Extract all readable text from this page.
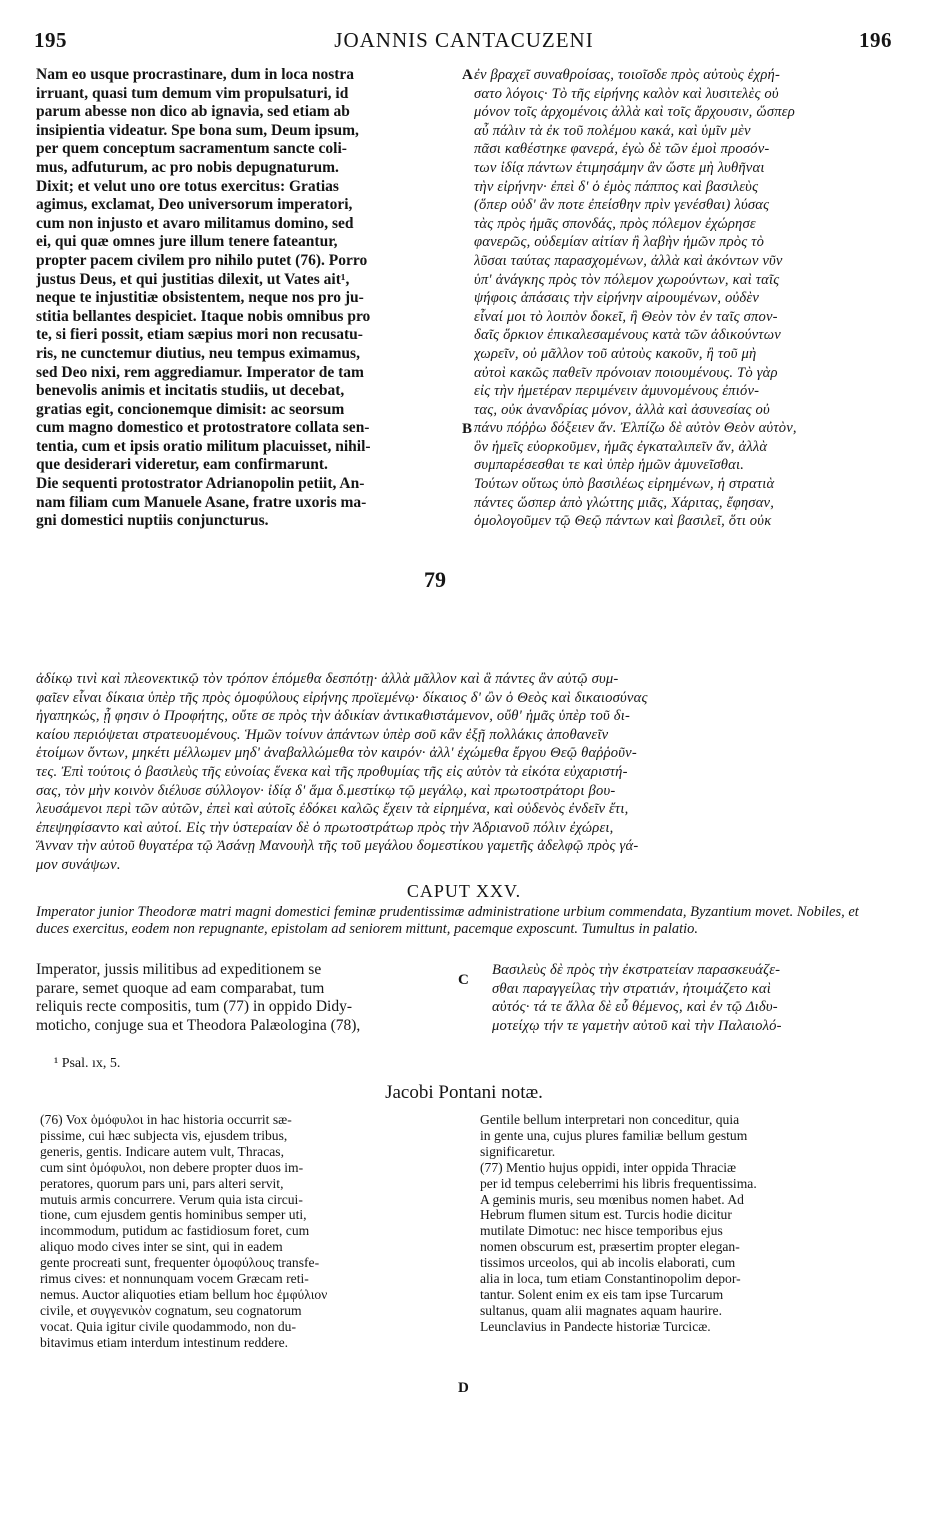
195	JOANNIS CANTACUZENI	196
Nam eo usque procrastinare, dum in loca nostra
irruant, quasi tum demum vim propulsaturi, id
parum abesse non dico ab ignavia, sed etiam ab
insipientia videatur. Spe bona sum, Deum ipsum,
per quem conceptum sacramentum sancte coli-
mus, adfuturum, ac pro nobis depugnaturum.
Dixit; et velut uno ore totus exercitus: Gratias
agimus, exclamat, Deo universorum imperatori,
cum non injusto et avaro militamus domino, sed
ei, qui quæ omnes jure illum tenere fateantur,
propter pacem civilem pro nihilo putet (76). Porro
justus Deus, et qui justitias dilexit, ut Vates ait¹,
neque te injustitiæ obsistentem, neque nos pro ju-
stitia bellantes despiciet. Itaque nobis omnibus pro
te, si fieri possit, etiam sæpius mori non recusatu-
ris, ne cunctemur diutius, neu tempus eximamus,
sed Deo nixi, rem aggrediamur. Imperator de tam
benevolis animis et incitatis studiis, ut decebat,
gratias egit, concionemque dimisit: ac seorsum
cum magno domestico et protostratore collata sen-
tentia, cum et ipsis oratio militum placuisset, nihil-
que desiderari videretur, eam confirmarunt.
Die sequenti protostrator Adrianopolin petiit, An-
nam filiam cum Manuele Asane, fratre uxoris ma-
gni domestici nuptiis conjuncturus.
A
B
79
ἐν βραχεῖ συναθροίσας, τοιοῖσδε πρὸς αὐτοὺς ἐχρή-
σατο λόγοις· Τὸ τῆς εἰρήνης καλὸν καὶ λυσιτελὲς οὐ
μόνον τοῖς ἀρχομένοις ἀλλὰ καὶ τοῖς ἄρχουσιν, ὥσπερ
αὖ πάλιν τὰ ἐκ τοῦ πολέμου κακά, καὶ ὑμῖν μὲν
πᾶσι καθέστηκε φανερά, ἐγὼ δὲ τῶν ἐμοὶ προσόν-
των ἰδίᾳ πάντων ἐτιμησάμην ἂν ὥστε μὴ λυθῆναι
τὴν εἰρήνην· ἐπεὶ δ' ὁ ἐμὸς πάππος καὶ βασιλεὺς
(ὅπερ οὐδ' ἂν ποτε ἐπείσθην πρὶν γενέσθαι) λύσας
τὰς πρὸς ἡμᾶς σπονδάς, πρὸς πόλεμον ἐχώρησε
φανερῶς, οὐδεμίαν αἰτίαν ἢ λαβὴν ἡμῶν πρὸς τὸ
λῦσαι ταύτας παρασχομένων, ἀλλὰ καὶ ἀκόντων νῦν
ὑπ' ἀνάγκης πρὸς τὸν πόλεμον χωρούντων, καὶ ταῖς
ψήφοις ἁπάσαις τὴν εἰρήνην αἱρουμένων, οὐδὲν
εἶναί μοι τὸ λοιπὸν δοκεῖ, ἢ Θεὸν τὸν ἐν ταῖς σπον-
δαῖς ὅρκιον ἐπικαλεσαμένους κατὰ τῶν ἀδικούντων
χωρεῖν, οὐ μᾶλλον τοῦ αὐτοὺς κακοῦν, ἢ τοῦ μὴ
αὐτοὶ κακῶς παθεῖν πρόνοιαν ποιουμένους. Τὸ γὰρ
εἰς τὴν ἡμετέραν περιμένειν ἀμυνομένους ἐπιόν-
τας, οὐκ ἀνανδρίας μόνον, ἀλλὰ καὶ ἀσυνεσίας οὐ
πάνυ πόῤῥω δόξειεν ἄν. Ἐλπίζω δὲ αὐτὸν Θεὸν αὐτὸν,
ὃν ἡμεῖς εὐορκοῦμεν, ἡμᾶς ἐγκαταλιπεῖν ἄν, ἀλλὰ
συμπαρέσεσθαι τε καὶ ὑπὲρ ἡμῶν ἀμυνεῖσθαι.
Τούτων οὕτως ὑπὸ βασιλέως εἰρημένων, ἡ στρατιὰ
πάντες ὥσπερ ἀπὸ γλώττης μιᾶς, Χάριτας, ἔφησαν,
ὁμολογοῦμεν τῷ Θεῷ πάντων καὶ βασιλεῖ, ὅτι οὐκ
ἀδίκῳ τινὶ καὶ πλεονεκτικῷ τὸν τρόπον ἑπόμεθα δεσπότῃ· ἀλλὰ μᾶλλον καὶ ἃ πάντες ἂν αὐτῷ συμ-
φαῖεν εἶναι δίκαια ὑπὲρ τῆς πρὸς ὁμοφύλους εἰρήνης προϊεμένῳ· δίκαιος δ' ὢν ὁ Θεὸς καὶ δικαιοσύνας
ἠγαπηκώς, ᾗ φησιν ὁ Προφήτης, οὔτε σε πρὸς τὴν ἀδικίαν ἀντικαθιστάμενον, οὔθ' ἡμᾶς ὑπὲρ τοῦ δι-
καίου περιόψεται στρατευομένους. Ἡμῶν τοίνυν ἁπάντων ὑπὲρ σοῦ κἂν ἐξῇ πολλάκις ἀποθανεῖν
ἑτοίμων ὄντων, μηκέτι μέλλωμεν μηδ' ἀναβαλλώμεθα τὸν καιρόν· ἀλλ' ἐχώμεθα ἔργου Θεῷ θαῤῥοῦν-
τες. Ἐπὶ τούτοις ὁ βασιλεὺς τῆς εὐνοίας ἕνεκα καὶ τῆς προθυμίας τῆς εἰς αὐτὸν τὰ εἰκότα εὐχαριστή-
σας, τὸν μὴν κοινὸν διέλυσε σύλλογον· ἰδίᾳ δ' ἅμα δ.μεστίκῳ τῷ μεγάλῳ, καὶ πρωτοστράτορι βου-
λευσάμενοι περὶ τῶν αὐτῶν, ἐπεὶ καὶ αὐτοῖς ἐδόκει καλῶς ἔχειν τὰ εἰρημένα, καὶ οὐδενὸς ἐνδεῖν ἔτι,
ἐπεψηφίσαντο καὶ αὐτοί. Εἰς τὴν ὑστεραίαν δὲ ὁ πρωτοστράτωρ πρὸς τὴν Ἀδριανοῦ πόλιν ἐχώρει,
Ἄνναν τὴν αὐτοῦ θυγατέρα τῷ Ἀσάνῃ Μανουὴλ τῆς τοῦ μεγάλου δομεστίκου γαμετῆς ἀδελφῷ πρὸς γά-
μον συνάψων.
CAPUT XXV.
Imperator junior Theodoræ matri magni domestici feminæ prudentissimæ administratione urbium commendata, Byzantium movet. Nobiles, et duces exercitus, eodem non repugnante, epistolam ad seniorem mittunt, pacemque exposcunt. Tumultus in palatio.
Imperator, jussis militibus ad expeditionem se
parare, semet quoque ad eam comparabat, tum
reliquis recte compositis, tum (77) in oppido Didy-
moticho, conjuge sua et Theodora Palæologina (78),
C
Βασιλεὺς δὲ πρὸς τὴν ἐκστρατείαν παρασκευάζε-
σθαι παραγγείλας τὴν στρατιάν, ἡτοιμάζετο καὶ
αὐτός· τά τε ἄλλα δὲ εὖ θέμενος, καὶ ἐν τῷ Διδυ-
μοτείχῳ τήν τε γαμετὴν αὐτοῦ καὶ τὴν Παλαιολό-
¹ Psal. ıx, 5.
Jacobi Pontani notæ.
(76) Vox ὁμόφυλοι in hac historia occurrit sæ-
pissime, cui hæc subjecta vis, ejusdem tribus,
generis, gentis. Indicare autem vult, Thracas,
cum sint ὁμόφυλοι, non debere propter duos im-
peratores, quorum pars uni, pars alteri servit,
mutuis armis concurrere. Verum quia ista circui-
tione, cum ejusdem gentis hominibus semper uti,
incommodum, putidum ac fastidiosum foret, cum
aliquo modo cives inter se sint, qui in eadem
gente procreati sunt, frequenter ὁμοφύλους transfe-
rimus cives: et nonnunquam vocem Græcam reti-
nemus. Auctor aliquoties etiam bellum hoc ἐμφύλιον
civile, et συγγενικὸν cognatum, seu cognatorum
vocat. Quia igitur civile quodammodo, non du-
bitavimus etiam interdum intestinum reddere.
D
Gentile bellum interpretari non conceditur, quia
in gente una, cujus plures familiæ bellum gestum
significaretur.
(77) Mentio hujus oppidi, inter oppida Thraciæ
per id tempus celeberrimi his libris frequentissima.
A geminis muris, seu mœnibus nomen habet. Ad
Hebrum flumen situm est. Turcis hodie dicitur
mutilate Dimotuc: nec hisce temporibus ejus
nomen obscurum est, præsertim propter elegan-
tissimos urceolos, qui ab incolis elaborati, cum
alia in loca, tum etiam Constantinopolim depor-
tantur. Solent enim ex eis tam ipse Turcarum
sultanus, quam alii magnates aquam haurire.
Leunclavius in Pandecte historiæ Turcicæ.
